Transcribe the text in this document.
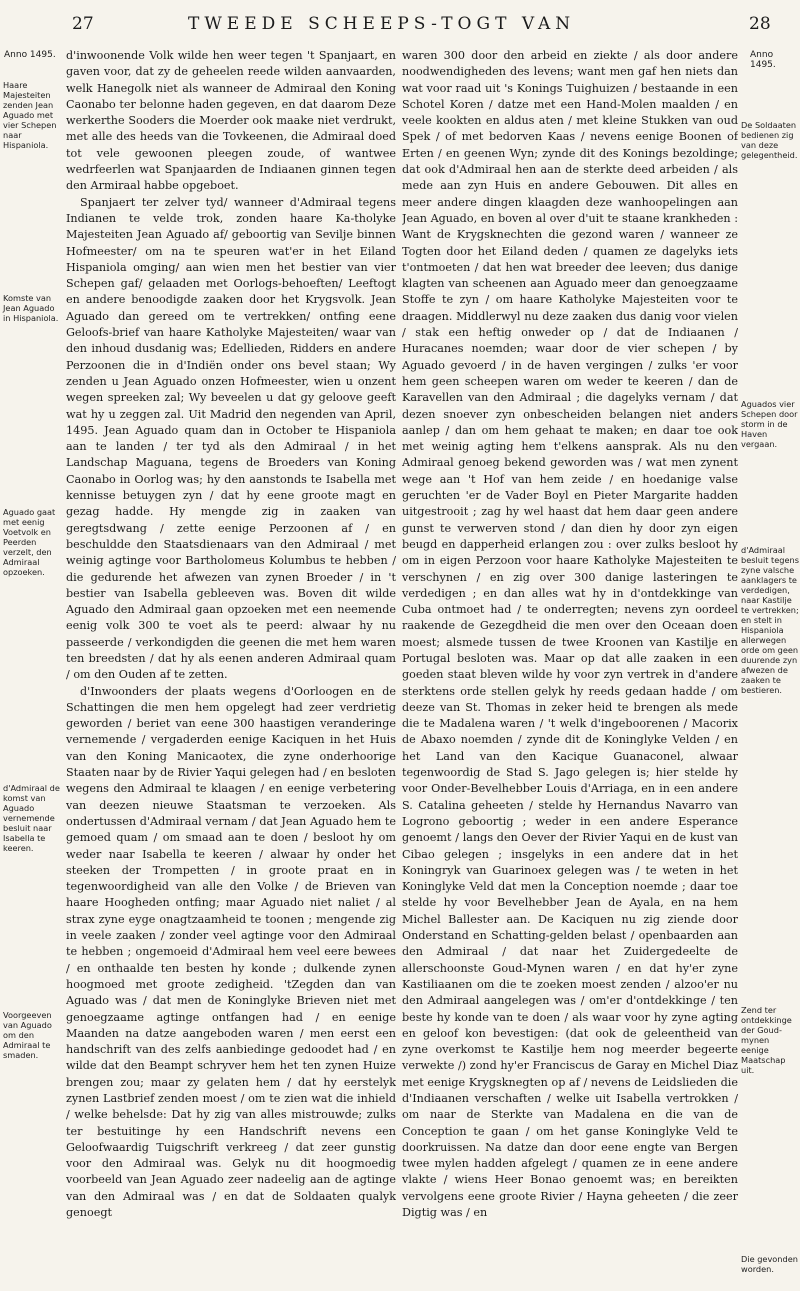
27	TWEEDE SCHEEPS-TOGT VAN	28
Anno 1495.	Anno 1495.

d'inwoonende Volk wilde hen weer tegen 't Spanjaart, en gaven voor, dat zy de geheelen reede wilden aanvaarden, welk Hanegolk niet als wanneer de Admiraal den Koning Caonabo ter belonne haden gegeven, en dat daarom Deze werkerthe Sooders die Moerder ook maake niet verdrukt, met alle des heeds van die Tovkeenen, die Admiraal doed tot vele gewoonen pleegen zoude, of wantwee wedrfeerlen wat Spanjaarden de Indiaanen ginnen tegen den Armiraal habbe opgeboet.

Spanjaert ter zelver tyd/ wanneer d'Admiraal tegens Indianen te velde trok, zonden haare Ka-tholyke Majesteiten Jean Aguado af/ geboortig van Sevilje binnen Hofmeester/ om na te speuren wat'er in het Eiland Hispaniola omging/ aan wien men het bestier van vier Schepen gaf/ gelaaden met Oorlogs-behoeften/ Leeftogt en andere benoodigde zaaken door het Krygsvolk. Jean Aguado dan gereed om te vertrekken/ ontfing eene Geloofs-brief van haare Katholyke Majesteiten/ waar van den inhoud dusdanig was; Edellieden, Ridders en andere Perzoonen die in d'Indiën onder ons bevel staan; Wy zenden u Jean Aguado onzen Hofmeester, wien u onzent wegen spreeken zal; Wy beveelen u dat gy geloove geeft wat hy u zeggen zal. Uit Madrid den negenden van April, 1495. Jean Aguado quam dan in October te Hispaniola aan te landen / ter tyd als den Admiraal / in het Landschap Maguana, tegens de Broeders van Koning Caonabo in Oorlog was; hy den aanstonds te Isabella met kennisse betuygen zyn / dat hy eene groote magt en gezag hadde. Hy mengde zig in zaaken van geregtsdwang / zette eenige Perzoonen af / en beschuldde den Staatsdienaars van den Admiraal / met weinig agtinge voor Bartholomeus Kolumbus te hebben / die gedurende het afwezen van zynen Broeder / in 't bestier van Isabella gebleeven was. Boven dit wilde Aguado den Admiraal gaan opzoeken met een neemende eenig volk 300 te voet als te peerd: alwaar hy nu passeerde / verkondigden die geenen die met hem waren ten breedsten / dat hy als eenen anderen Admiraal quam / om den Ouden af te zetten.

d'Inwoonders der plaats wegens d'Oorloogen en de Schattingen die men hem opgelegt had zeer verdrietig geworden / beriet van eene 300 haastigen veranderinge vernemende / vergaderden eenige Kaciquen in het Huis van den Koning Manicaotex, die zyne onderhoorige Staaten naar by de Rivier Yaqui gelegen had / en besloten wegens den Admiraal te klaagen / en eenige verbetering van deezen nieuwe Staatsman te verzoeken. Als ondertussen d'Admiraal vernam / dat Jean Aguado hem te gemoed quam / om smaad aan te doen / besloot hy om weder naar Isabella te keeren / alwaar hy onder het steeken der Trompetten / in groote praat en in tegenwoordigheid van alle den Volke / de Brieven van haare Hoogheden ontfing; maar Aguado niet naliet / al strax zyne eyge onagtzaamheid te toonen ; mengende zig in veele zaaken / zonder veel agtinge voor den Admiraal te hebben ; ongemoeid d'Admiraal hem veel eere bewees / en onthaalde ten besten hy konde ; dulkende zynen hoogmoed met groote zedigheid. 'tZegden dan van Aguado was / dat men de Koninglyke Brieven niet met genoegzaame agtinge ontfangen had / en eenige Maanden na datze aangeboden waren / men eerst een handschrift van des zelfs aanbiedinge gedoodet had / en wilde dat den Beampt schryver hem het ten zynen Huize brengen zou; maar zy gelaten hem / dat hy eerstelyk zynen Lastbrief zenden moest / om te zien wat die inhield / welke behelsde: Dat hy zig van alles mistrouwde; zulks ter bestuitinge hy een Handschrift nevens een Geloofwaardig Tuigschrift verkreeg / dat zeer gunstig voor den Admiraal was. Gelyk nu dit hoogmoedig voorbeeld van Jean Aguado zeer nadeelig aan de agtinge van den Admiraal was / en dat de Soldaaten qualyk genoegt

waren 300 door den arbeid en ziekte / als door andere noodwendigheden des levens; want men gaf hen niets dan wat voor raad uit 's Konings Tuighuizen / bestaande in een Schotel Koren / datze met een Hand-Molen maalden / en veele kookten en aldus aten / met kleine Stukken van oud Spek / of met bedorven Kaas / nevens eenige Boonen of Erten / en geenen Wyn; zynde dit des Konings bezoldinge; dat ook d'Admiraal hen aan de sterkte deed arbeiden / als mede aan zyn Huis en andere Gebouwen. Dit alles en meer andere dingen klaagden deze wanhoopelingen aan Jean Aguado, en boven al over d'uit te staane krankheden : Want de Krygsknechten die gezond waren / wanneer ze Togten door het Eiland deden / quamen ze dagelyks iets t'ontmoeten / dat hen wat breeder dee leeven; dus danige klagten van scheenen aan Aguado meer dan genoegzaame Stoffe te zyn / om haare Katholyke Majesteiten voor te draagen. Middlerwyl nu deze zaaken dus danig voor vielen / stak een heftig onweder op / dat de Indiaanen / Huracanes noemden; waar door de vier schepen / by Aguado gevoerd / in de haven vergingen / zulks 'er voor hem geen scheepen waren om weder te keeren / dan de Karavellen van den Admiraal ; die dagelyks vernam / dat dezen snoever zyn onbescheiden belangen niet anders aanlep / dan om hem gehaat te maken; en daar toe ook met weinig agting hem t'elkens aansprak. Als nu den Admiraal genoeg bekend geworden was / wat men zynent wege aan 't Hof van hem zeide / en hoedanige valse geruchten 'er de Vader Boyl en Pieter Margarite hadden uitgestrooit ; zag hy wel haast dat hem daar geen andere gunst te verwerven stond / dan dien hy door zyn eigen beugd en dapperheid erlangen zou : over zulks besloot hy om in eigen Perzoon voor haare Katholyke Majesteiten te verschynen / en zig over 300 danige lasteringen te verdedigen ; en dan alles wat hy in d'ontdekkinge van Cuba ontmoet had / te onderregten; nevens zyn oordeel raakende de Gezegdheid die men over den Oceaan doen moest; alsmede tussen de twee Kroonen van Kastilje en Portugal besloten was. Maar op dat alle zaaken in een goeden staat bleven wilde hy voor zyn vertrek in d'andere sterktens orde stellen gelyk hy reeds gedaan hadde / om deeze van St. Thomas in zeker heid te brengen als mede die te Madalena waren / 't welk d'ingeboorenen / Macorix de Abaxo noemden / zynde dit de Koninglyke Velden / en het Land van den Kacique Guanaconel, alwaar tegenwoordig de Stad S. Jago gelegen is; hier stelde hy voor Onder-Bevelhebber Louis d'Arriaga, en in een andere S. Catalina geheeten / stelde hy Hernandus Navarro van Logrono geboortig ; weder in een andere Esperance genoemt / langs den Oever der Rivier Yaqui en de kust van Cibao gelegen ; insgelyks in een andere dat in het Koningryk van Guarinoex gelegen was / te weten in het Koninglyke Veld dat men la Conception noemde ; daar toe stelde hy voor Bevelhebber Jean de Ayala, en na hem Michel Ballester aan. De Kaciquen nu zig ziende door Onderstand en Schatting-gelden belast / openbaarden aan den Admiraal / dat naar het Zuidergedeelte de allerschoonste Goud-Mynen waren / en dat hy'er zyne Kastiliaanen om die te zoeken moest zenden / alzoo'er nu den Admiraal aangelegen was / om'er d'ontdekkinge / ten beste hy konde van te doen / als waar voor hy zyne agting en geloof kon bevestigen: (dat ook de geleentheid van zyne overkomst te Kastilje hem nog meerder begeerte verwekte /) zond hy'er Franciscus de Garay en Michel Diaz met eenige Krygsknegten op af / nevens de Leidslieden die d'Indiaanen verschaften / welke uit Isabella vertrokken / om naar de Sterkte van Madalena en die van de Conception te gaan / om het ganse Koninglyke Veld te doorkruissen. Na datze dan door eene engte van Bergen twee mylen hadden afgelegt / quamen ze in eene andere vlakte / wiens Heer Bonao genoemt was; en bereikten vervolgens eene groote Rivier / Hayna geheeten / die zeer Digtig was / en

Haare Majesteiten zenden Jean Aguado met vier Schepen naar Hispaniola.
Komste van Jean Aguado in Hispaniola.
Aguado gaat met eenig Voetvolk en Peerden verzelt, den Admiraal opzoeken.
d'Admiraal de komst van Aguado vernemende besluit naar Isabella te keeren.
Voorgeeven van Aguado om den Admiraal te smaden.
De Soldaaten bedienen zig van deze gelegentheid.
Aguados vier Schepen door storm in de Haven vergaan.
d'Admiraal besluit tegens zyne valsche aanklagers te verdedigen, naar Kastilje te vertrekken; en stelt in Hispaniola allerwegen orde om geen duurende zyn afwezen de zaaken te bestieren.
Zend ter ontdekkinge der Goud-mynen eenige Maatschap uit.
Die gevonden worden.
